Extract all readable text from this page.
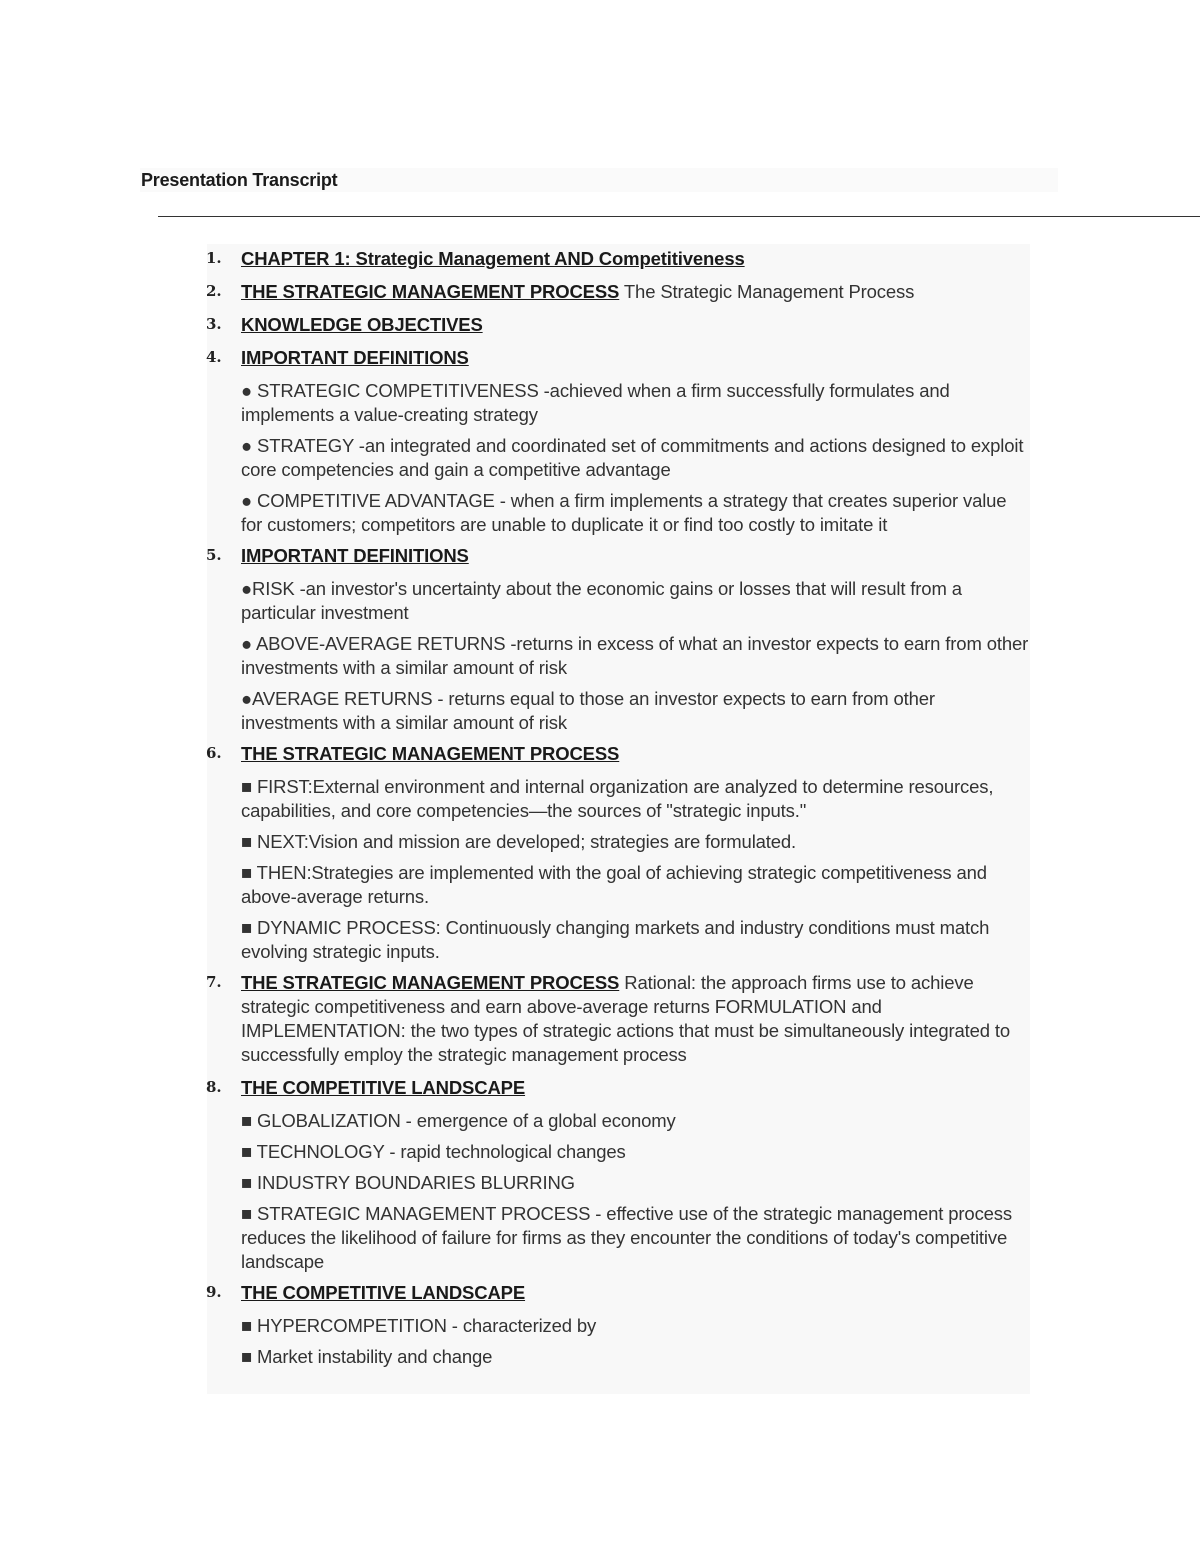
Presentation Transcript
1.	CHAPTER 1: Strategic Management AND Competitiveness
2.	THE STRATEGIC MANAGEMENT PROCESS The Strategic Management Process
3.	KNOWLEDGE OBJECTIVES
4.	IMPORTANT DEFINITIONS
● STRATEGIC COMPETITIVENESS -achieved when a firm successfully formulates and implements a value-creating strategy
● STRATEGY -an integrated and coordinated set of commitments and actions designed to exploit core competencies and gain a competitive advantage
● COMPETITIVE ADVANTAGE - when a firm implements a strategy that creates superior value for customers; competitors are unable to duplicate it or find too costly to imitate it
5.	IMPORTANT DEFINITIONS
●RISK -an investor's uncertainty about the economic gains or losses that will result from a particular investment
● ABOVE-AVERAGE RETURNS -returns in excess of what an investor expects to earn from other investments with a similar amount of risk
●AVERAGE RETURNS - returns equal to those an investor expects to earn from other investments with a similar amount of risk
6.	THE STRATEGIC MANAGEMENT PROCESS
■ FIRST:External environment and internal organization are analyzed to determine resources, capabilities, and core competencies—the sources of "strategic inputs."
■ NEXT:Vision and mission are developed; strategies are formulated.
■ THEN:Strategies are implemented with the goal of achieving strategic competitiveness and above-average returns.
■ DYNAMIC PROCESS: Continuously changing markets and industry conditions must match evolving strategic inputs.
7.	THE STRATEGIC MANAGEMENT PROCESS Rational: the approach firms use to achieve strategic competitiveness and earn above-average returns FORMULATION and IMPLEMENTATION: the two types of strategic actions that must be simultaneously integrated to successfully employ the strategic management process
8.	THE COMPETITIVE LANDSCAPE
■ GLOBALIZATION - emergence of a global economy
■ TECHNOLOGY - rapid technological changes
■ INDUSTRY BOUNDARIES BLURRING
■ STRATEGIC MANAGEMENT PROCESS - effective use of the strategic management process reduces the likelihood of failure for firms as they encounter the conditions of today's competitive landscape
9.	THE COMPETITIVE LANDSCAPE
■ HYPERCOMPETITION - characterized by
■ Market instability and change
